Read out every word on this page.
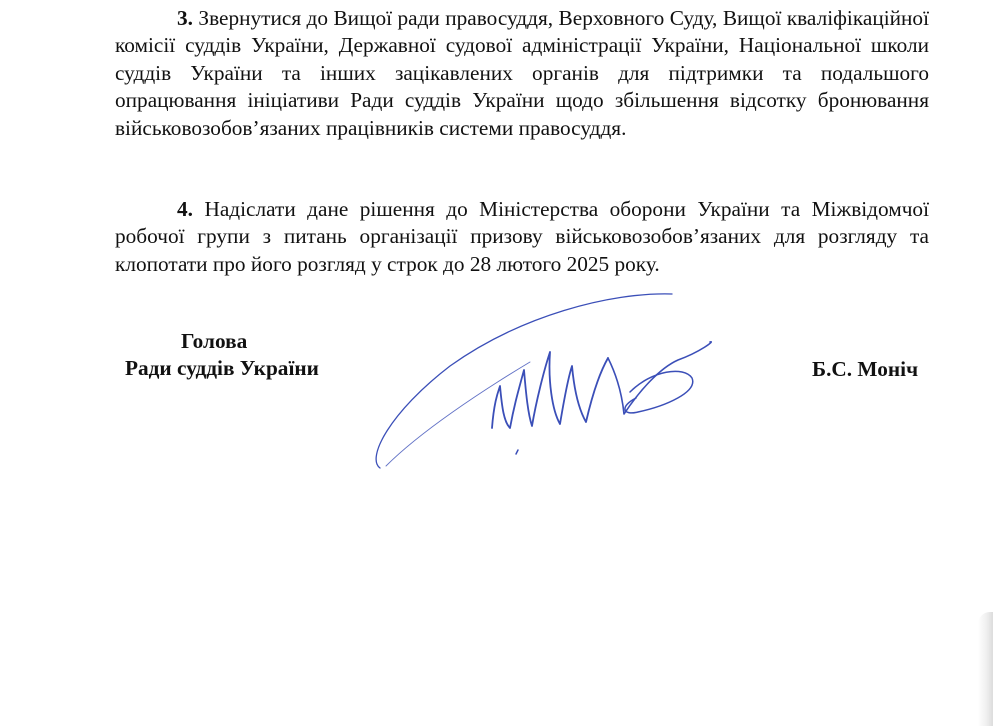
3. Звернутися до Вищої ради правосуддя, Верховного Суду, Вищої кваліфікаційної комісії суддів України, Державної судової адміністрації України, Національної школи суддів України та інших зацікавлених органів для підтримки та подальшого опрацювання ініціативи Ради суддів України щодо збільшення відсотку бронювання військовозобов’язаних працівників системи правосуддя.

4. Надіслати дане рішення до Міністерства оборони України та Міжвідомчої робочої групи з питань організації призову військовозобов’язаних для розгляду та клопотати про його розгляд у строк до 28 лютого 2025 року.

Голова
Ради суддів України	Б.С. Моніч
